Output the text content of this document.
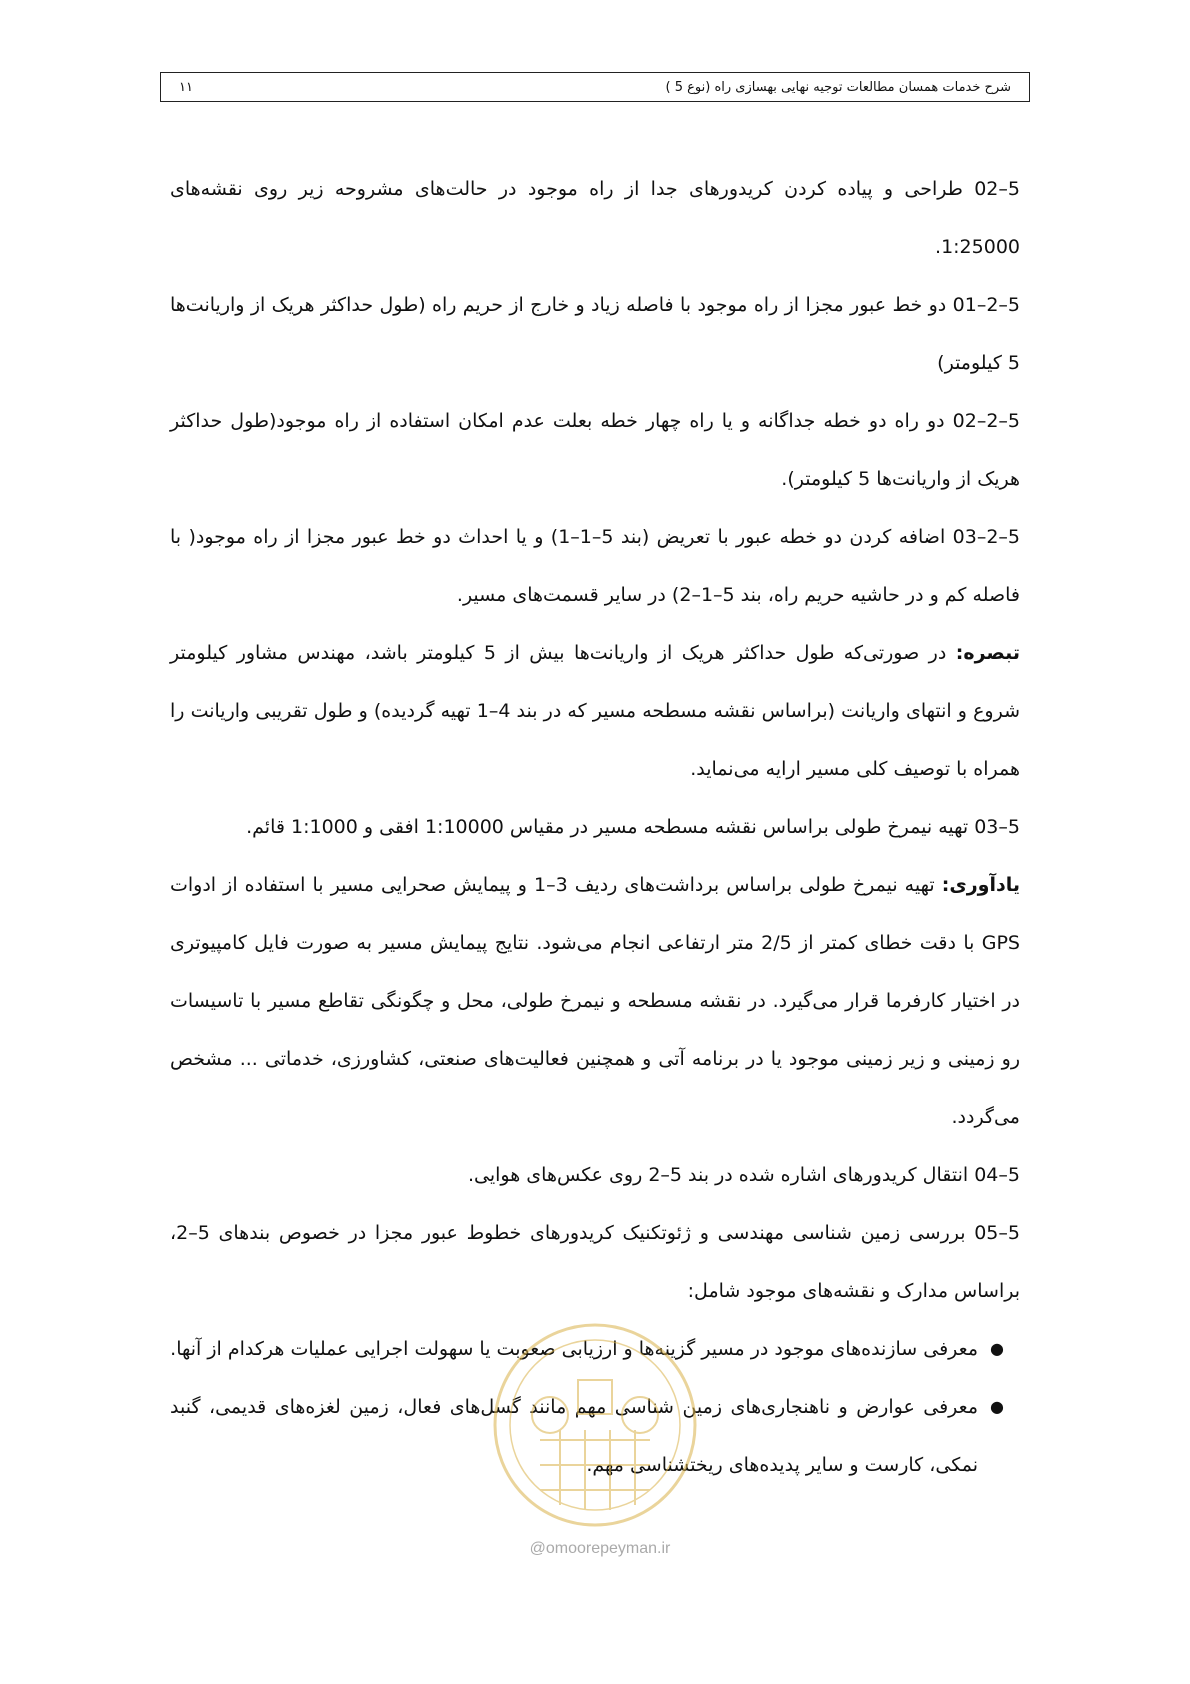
شرح خدمات همسان مطالعات توجیه نهایی بهسازی راه (نوع 5 )
۱۱

5–02 طراحی و پیاده کردن کریدورهای جدا از راه موجود در حالت‌های مشروحه زیر روی نقشه‌های 1:25000.

5–2–01 دو خط عبور مجزا از راه موجود با فاصله زیاد و خارج از حریم راه (طول حداکثر هریک از واریانت‌ها 5 کیلومتر)

5–2–02 دو راه دو خطه جداگانه و یا راه چهار خطه بعلت عدم امکان استفاده از راه موجود(طول حداکثر هریک از واریانت‌ها 5 کیلومتر).

5–2–03 اضافه کردن دو خطه عبور با تعریض (بند 5–1–1) و یا احداث دو خط عبور مجزا از راه موجود( با فاصله کم و در حاشیه حریم راه، بند 5–1–2) در سایر قسمت‌های مسیر.

تبصره: در صورتی‌که طول حداکثر هریک از واریانت‌ها بیش از 5 کیلومتر باشد، مهندس مشاور کیلومتر شروع و انتهای واریانت (براساس نقشه مسطحه مسیر که در بند 4–1 تهیه گردیده) و طول تقریبی واریانت را همراه با توصیف کلی مسیر ارایه می‌نماید.

5–03 تهیه نیمرخ طولی براساس نقشه مسطحه مسیر در مقیاس 1:10000 افقی و 1:1000 قائم.

یادآوری: تهیه نیمرخ طولی براساس برداشت‌های ردیف 3–1 و پیمایش صحرایی مسیر با استفاده از ادوات GPS با دقت خطای کمتر از 2/5 متر ارتفاعی انجام می‌شود. نتایج پیمایش مسیر به صورت فایل کامپیوتری در اختیار کارفرما قرار می‌گیرد. در نقشه مسطحه و نیمرخ طولی، محل و چگونگی تقاطع مسیر با تاسیسات رو زمینی و زیر زمینی موجود یا در برنامه آتی و همچنین فعالیت‌های صنعتی، کشاورزی، خدماتی ... مشخص می‌گردد.

5–04 انتقال کریدورهای اشاره شده در بند 5–2 روی عکس‌های هوایی.

5–05 بررسی زمین شناسی مهندسی و ژئوتکنیک کریدورهای خطوط عبور مجزا در خصوص بندهای 5–2، براساس مدارک و نقشه‌های موجود شامل:

●
معرفی سازنده‌های موجود در مسیر گزینه‌ها و ارزیابی صعوبت یا سهولت اجرایی عملیات هرکدام از آنها.
●
معرفی عوارض و ناهنجاری‌های زمین شناسی مهم مانند گسل‌های فعال، زمین لغزه‌های قدیمی، گنبد نمکی، کارست و سایر پدیده‌های ریختشناسی مهم.
@omoorepeyman.ir
